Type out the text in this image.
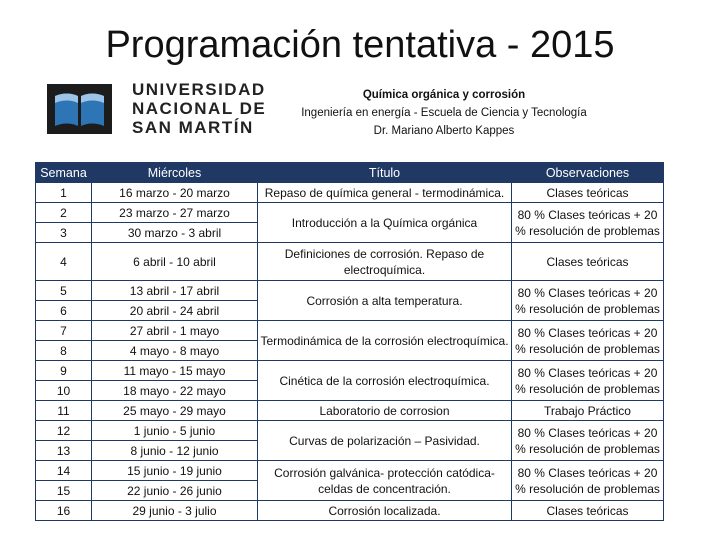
Programación tentativa - 2015
UNIVERSIDAD
NACIONAL DE
SAN MARTÍN
Química orgánica y corrosión
Ingeniería en energía - Escuela de Ciencia y Tecnología
Dr. Mariano Alberto Kappes
Semana	Miércoles	Título	Observaciones
1	16 marzo - 20 marzo	Repaso de química general - termodinámica.	Clases teóricas
2	23 marzo - 27 marzo	Introducción a la Química orgánica	80 % Clases teóricas + 20 % resolución de problemas
3	30 marzo - 3 abril		
4	6 abril - 10 abril	Definiciones de corrosión. Repaso de electroquímica.	Clases teóricas
5	13 abril - 17 abril	Corrosión a alta temperatura.	80 % Clases teóricas + 20 % resolución de problemas
6	20 abril - 24 abril		
7	27 abril - 1 mayo	Termodinámica de la corrosión electroquímica.	80 % Clases teóricas + 20 % resolución de problemas
8	4 mayo - 8 mayo		
9	11 mayo - 15 mayo	Cinética de la corrosión electroquímica.	80 % Clases teóricas + 20 % resolución de problemas
10	18 mayo - 22 mayo		
11	25 mayo - 29 mayo	Laboratorio de corrosion	Trabajo Práctico
12	1 junio - 5 junio	Curvas de polarización – Pasividad.	80 % Clases teóricas + 20 % resolución de problemas
13	8 junio - 12 junio		
14	15 junio - 19 junio	Corrosión galvánica- protección catódica- celdas de concentración.	80 % Clases teóricas + 20 % resolución de problemas
15	22 junio - 26 junio		
16	29 junio - 3 julio	Corrosión localizada.	Clases teóricas
